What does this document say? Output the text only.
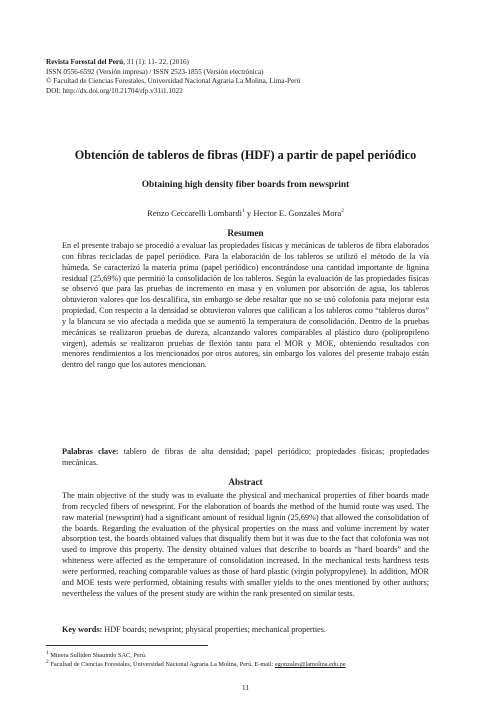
Revista Forestal del Perú, 31 (1): 11- 22, (2016)
ISSN 0556-6592 (Versión impresa) / ISSN 2523-1855 (Versión electrónica)
© Facultad de Ciencias Forestales, Universidad Nacional Agraria La Molina, Lima-Perú
DOI: http://dx.doi.org/10.21704/rfp.v31i1.1022
Obtención de tableros de fibras (HDF) a partir de papel periódico
Obtaining high density fiber boards from newsprint
Renzo Ceccarelli Lombardi$^1$ y Hector E. Gonzales Mora$^2$
Resumen
En el presente trabajo se procedió a evaluar las propiedades físicas y mecánicas de tableros de fibra elaborados con fibras recicladas de papel periódico. Para la elaboración de los tableros se utilizó el método de la vía húmeda. Se caracterizó la materia prima (papel periódico) encontrándose una cantidad importante de lignina residual (25,69%) que permitió la consolidación de los tableros. Según la evaluación de las propiedades físicas se observó que para las pruebas de incremento en masa y en volumen por absorción de agua, los tableros obtuvieron valores que los descalifica, sin embargo se debe resaltar que no se usó colofonia para mejorar esta propiedad. Con respecto a la densidad se obtuvieron valores que califican a los tableros como “tableros duros” y la blancura se vio afectada a medida que se aumentó la temperatura de consolidación. Dentro de la pruebas mecánicas se realizaron pruebas de dureza, alcanzando valores comparables al plástico duro (polipropileno virgen), además se realizaron pruebas de flexión tanto para el MOR y MOE, obteniendo resultados con menores rendimientos a los mencionados por otros autores, sin embargo los valores del presente trabajo están dentro del rango que los autores mencionan.
Palabras clave: tablero de fibras de alta densidad; papel periódico; propiedades físicas; propiedades mecánicas.
Abstract
The main objective of the study was to evaluate the physical and mechanical properties of fiber boards made from recycled fibers of newsprint. For the elaboration of boards the method of the humid route was used. The raw material (newsprint) had a significant amount of residual lignin (25,69%) that allowed the consolidation of the boards. Regarding the evaluation of the physical properties on the mass and volume increment by water absorption test, the boards obtained values that disqualify them but it was due to the fact that colofonia was not used to improve this property. The density obtained values that describe to boards as “hard boards” and the whiteness were affected as the temperature of consolidation increased. In the mechanical tests hardness tests were performed, reaching comparable values as those of hard plastic (virgin polypropylene). In addition, MOR and MOE tests were performed, obtaining results with smaller yields to the ones mentioned by other authors; nevertheless the values of the present study are within the rank presented on similar tests.
Key words: HDF boards; newsprint; physical properties; mechanical properties.
$^1$ Minera Sulliden Shauindo SAC, Perú.
$^2$ Facultad de Ciencias Forestales, Universidad Nacional Agraria La Molina, Perú. E-mail: egonzales@lamolina.edu.pe
11
